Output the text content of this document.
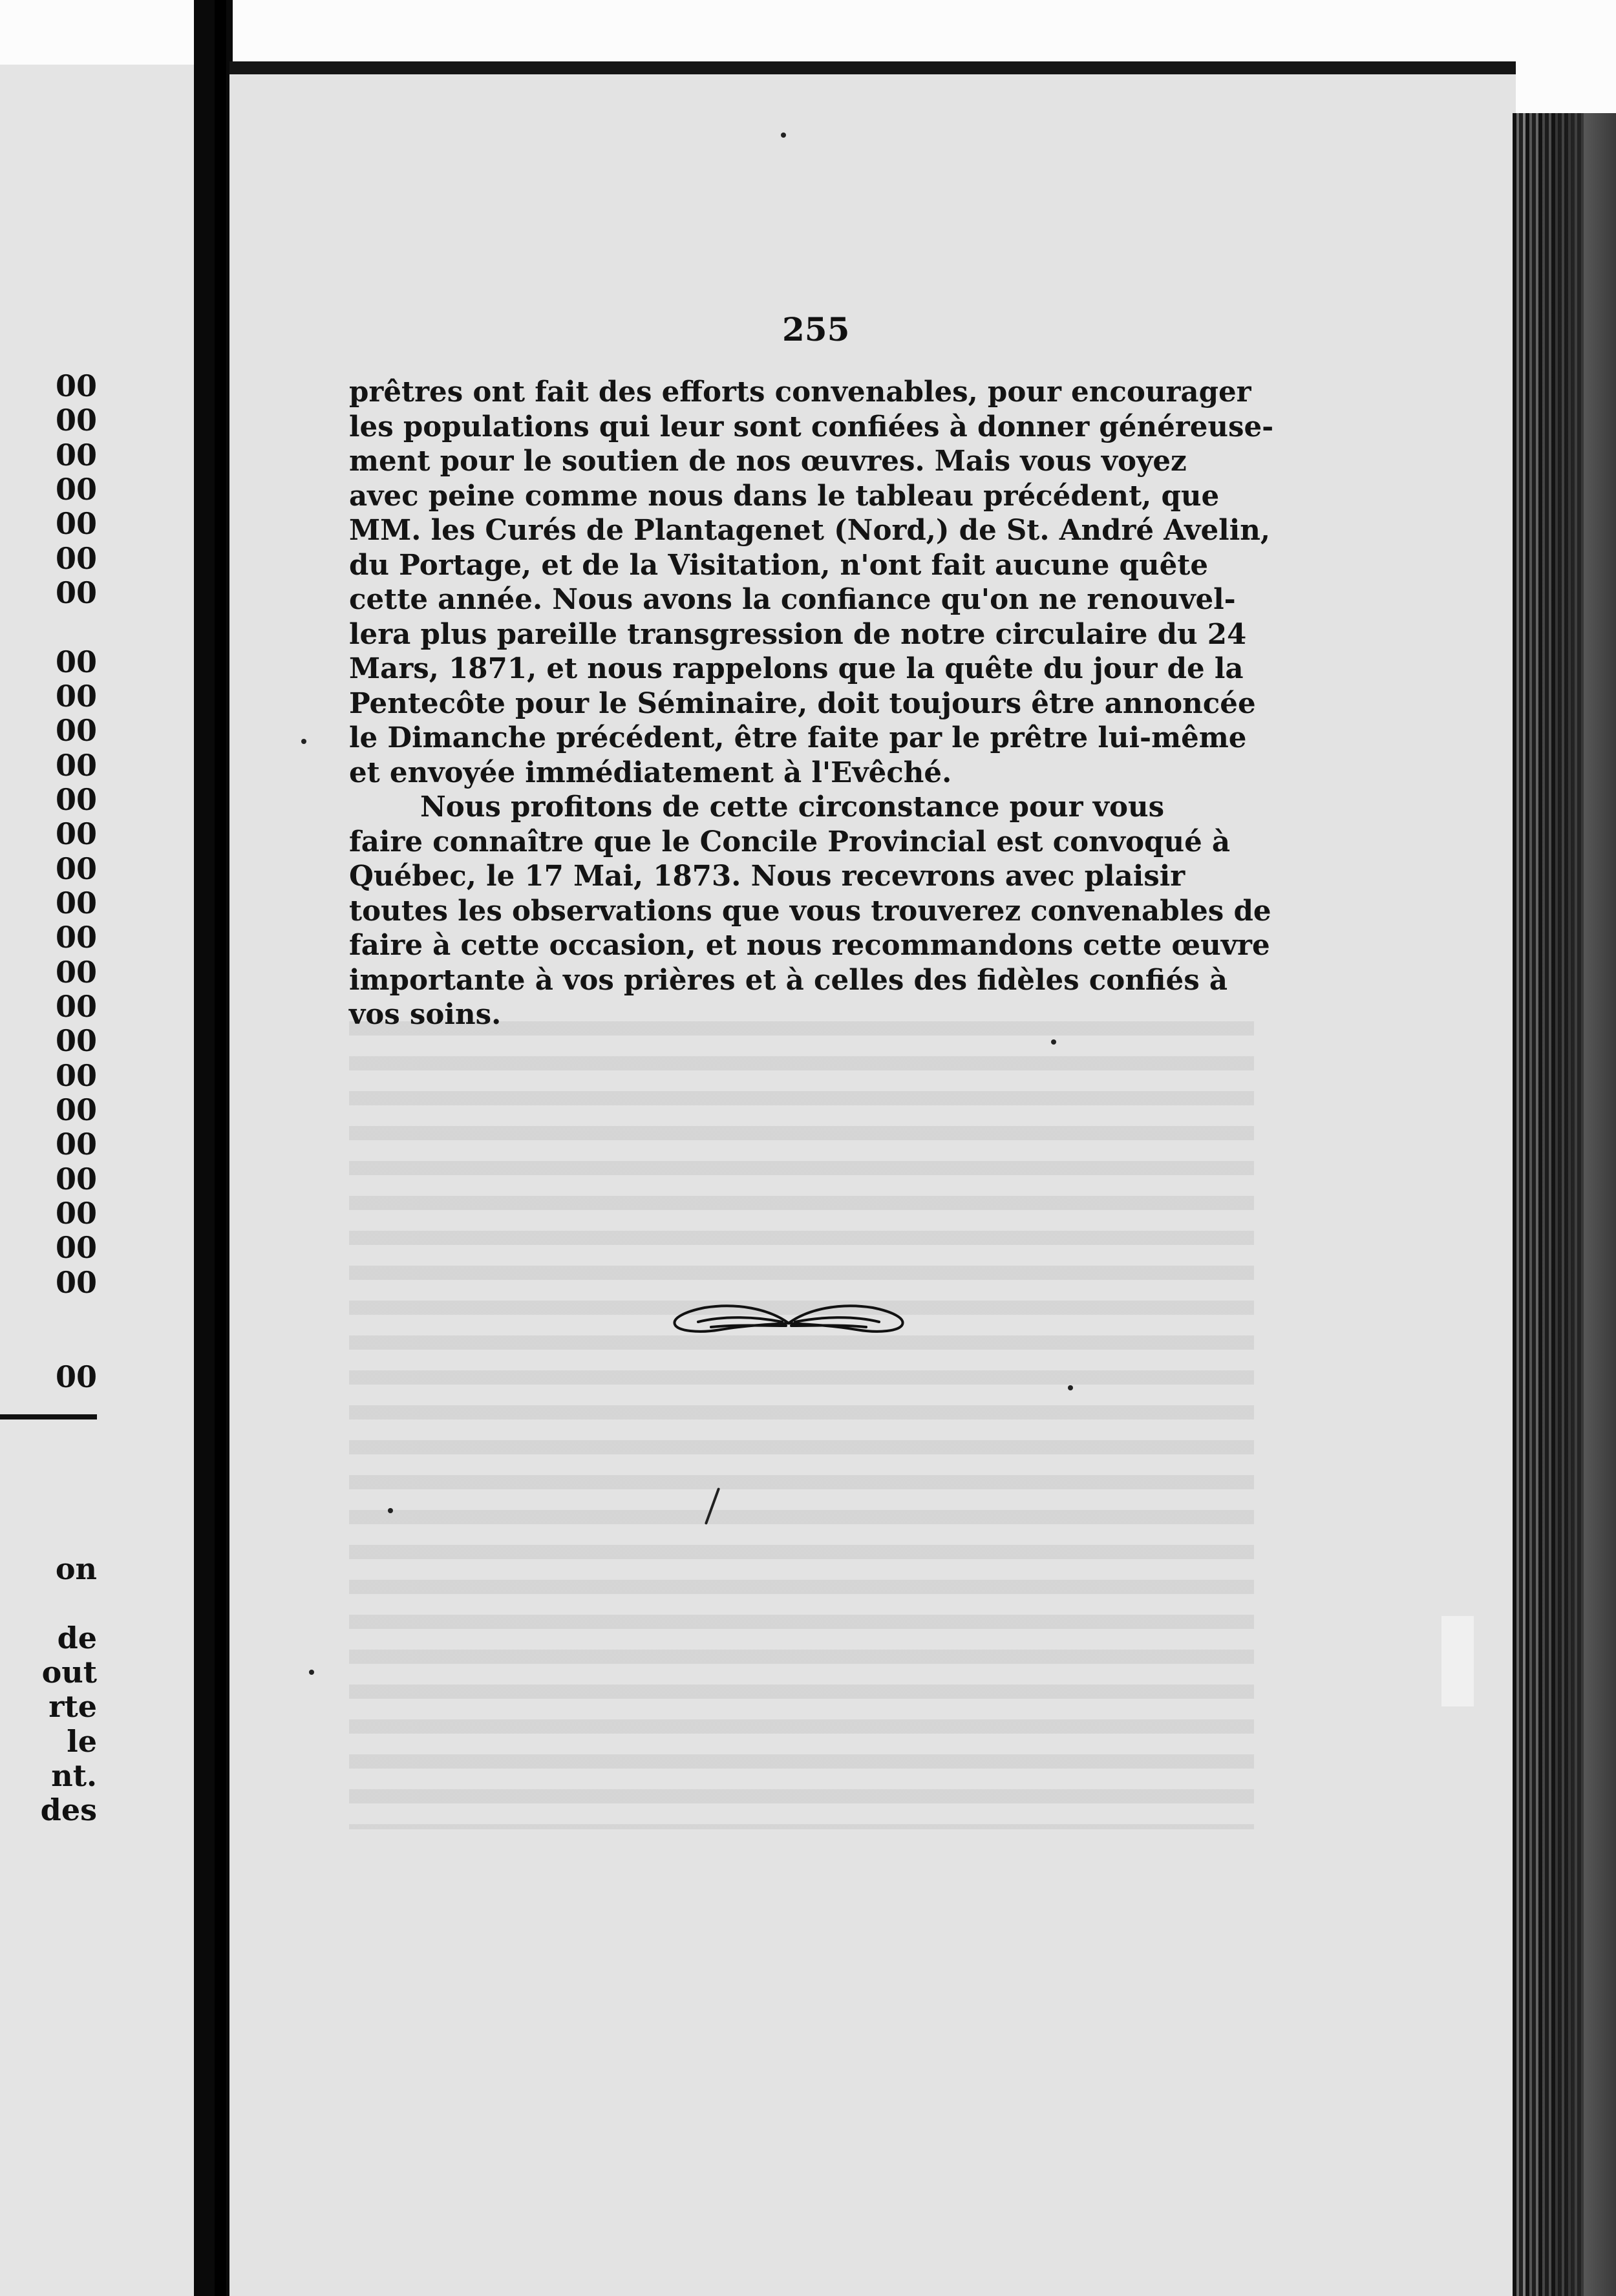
00
00
00
00
00
00
00
00
00
00
00
00
00
00
00
00
00
00
00
00
00
00
00
00
00
00
00
on
de
out
rte
le
nt.
des
255
prêtres ont fait des efforts convenables, pour encourager
les populations qui leur sont confiées à donner généreuse-
ment pour le soutien de nos œuvres. Mais vous voyez
avec peine comme nous dans le tableau précédent, que
MM. les Curés de Plantagenet (Nord,) de St. André Avelin,
du Portage, et de la Visitation, n'ont fait aucune quête
cette année. Nous avons la confiance qu'on ne renouvel-
lera plus pareille transgression de notre circulaire du 24
Mars, 1871, et nous rappelons que la quête du jour de la
Pentecôte pour le Séminaire, doit toujours être annoncée
le Dimanche précédent, être faite par le prêtre lui-même
et envoyée immédiatement à l'Evêché.
Nous profitons de cette circonstance pour vous
faire connaître que le Concile Provincial est convoqué à
Québec, le 17 Mai, 1873. Nous recevrons avec plaisir
toutes les observations que vous trouverez convenables de
faire à cette occasion, et nous recommandons cette œuvre
importante à vos prières et à celles des fidèles confiés à
vos soins.
